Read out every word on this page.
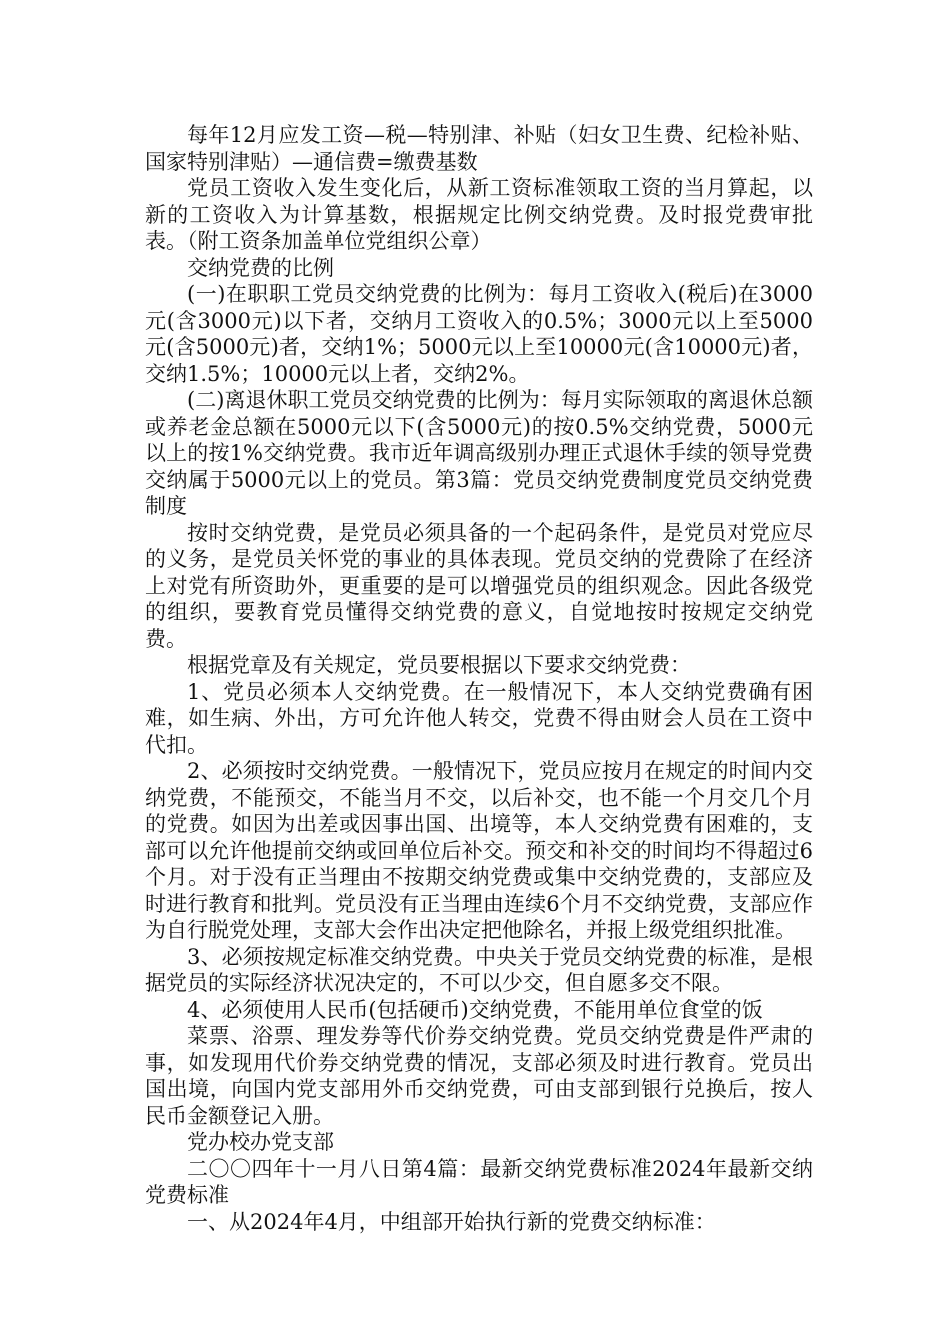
每年12月应发工资—税—特别津、补贴（妇女卫生费、纪检补贴、国家特别津贴）—通信费=缴费基数

党员工资收入发生变化后，从新工资标准领取工资的当月算起，以新的工资收入为计算基数，根据规定比例交纳党费。及时报党费审批表。（附工资条加盖单位党组织公章）

交纳党费的比例

(一)在职职工党员交纳党费的比例为：每月工资收入(税后)在3000元(含3000元)以下者，交纳月工资收入的0.5%；3000元以上至5000元(含5000元)者，交纳1%；5000元以上至10000元(含10000元)者，交纳1.5%；10000元以上者，交纳2%。

(二)离退休职工党员交纳党费的比例为：每月实际领取的离退休总额或养老金总额在5000元以下(含5000元)的按0.5%交纳党费，5000元以上的按1%交纳党费。我市近年调高级别办理正式退休手续的领导党费交纳属于5000元以上的党员。第3篇：党员交纳党费制度党员交纳党费制度

按时交纳党费，是党员必须具备的一个起码条件，是党员对党应尽的义务，是党员关怀党的事业的具体表现。党员交纳的党费除了在经济上对党有所资助外，更重要的是可以增强党员的组织观念。因此各级党的组织，要教育党员懂得交纳党费的意义，自觉地按时按规定交纳党费。

根据党章及有关规定，党员要根据以下要求交纳党费：

1、党员必须本人交纳党费。在一般情况下，本人交纳党费确有困难，如生病、外出，方可允许他人转交，党费不得由财会人员在工资中代扣。

2、必须按时交纳党费。一般情况下，党员应按月在规定的时间内交纳党费，不能预交，不能当月不交，以后补交，也不能一个月交几个月的党费。如因为出差或因事出国、出境等，本人交纳党费有困难的，支部可以允许他提前交纳或回单位后补交。预交和补交的时间均不得超过6个月。对于没有正当理由不按期交纳党费或集中交纳党费的，支部应及时进行教育和批判。党员没有正当理由连续6个月不交纳党费，支部应作为自行脱党处理，支部大会作出决定把他除名，并报上级党组织批准。

3、必须按规定标准交纳党费。中央关于党员交纳党费的标准，是根据党员的实际经济状况决定的，不可以少交，但自愿多交不限。

4、必须使用人民币(包括硬币)交纳党费，不能用单位食堂的饭

菜票、浴票、理发券等代价券交纳党费。党员交纳党费是件严肃的事，如发现用代价券交纳党费的情况，支部必须及时进行教育。党员出国出境，向国内党支部用外币交纳党费，可由支部到银行兑换后，按人民币金额登记入册。

党办校办党支部

二〇〇四年十一月八日第4篇：最新交纳党费标准2024年最新交纳党费标准

一、从2024年4月，中组部开始执行新的党费交纳标准：
